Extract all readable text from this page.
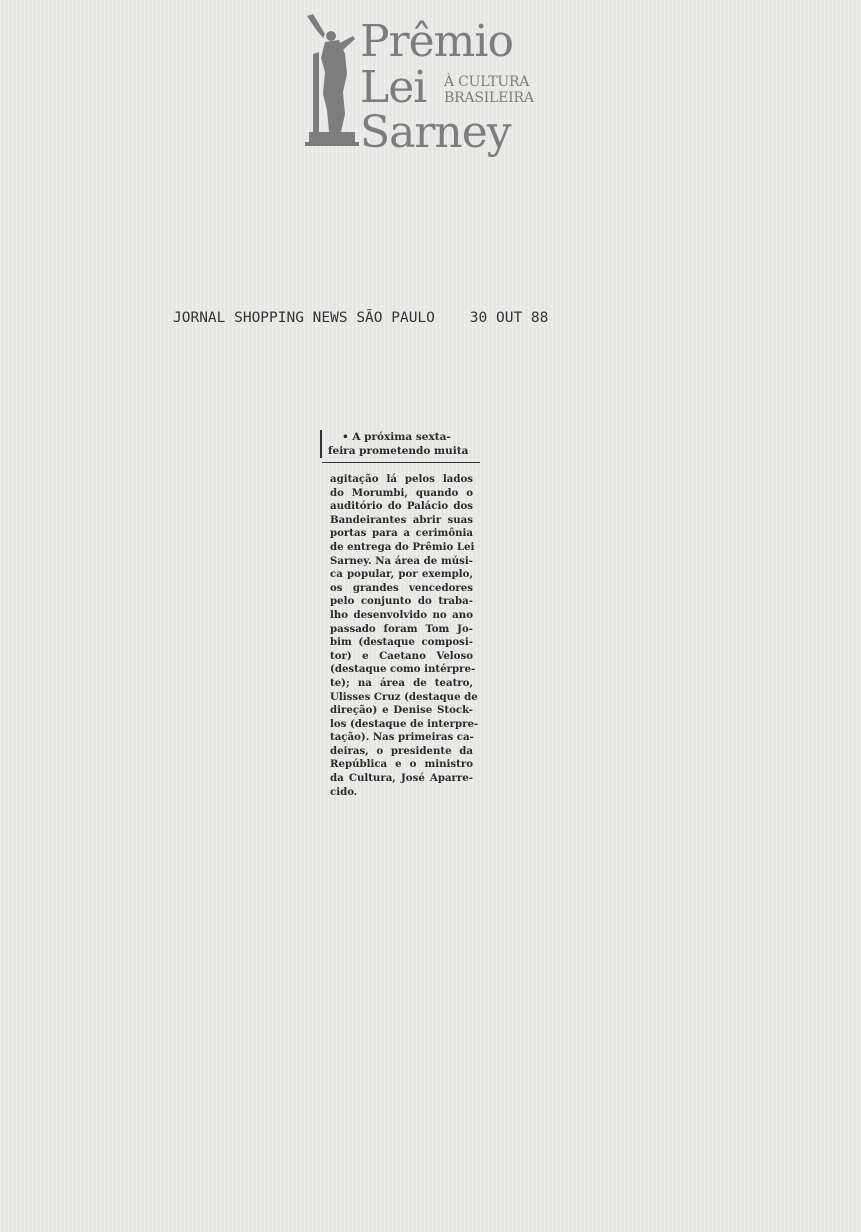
Prêmio
Lei À CULTURA
BRASILEIRA
Sarney
JORNAL SHOPPING NEWS SÃO PAULO    30 OUT 88
• A próxima sexta-
feira prometendo muita
agitação lá pelos lados
do Morumbi, quando o
auditório do Palácio dos
Bandeirantes abrir suas
portas para a cerimônia
de entrega do Prêmio Lei
Sarney. Na área de músi-
ca popular, por exemplo,
os grandes vencedores
pelo conjunto do traba-
lho desenvolvido no ano
passado foram Tom Jo-
bim (destaque composi-
tor) e Caetano Veloso
(destaque como intérpre-
te); na área de teatro,
Ulisses Cruz (destaque de
direção) e Denise Stock-
los (destaque de interpre-
tação). Nas primeiras ca-
deiras, o presidente da
República e o ministro
da Cultura, José Aparre-
cido.
